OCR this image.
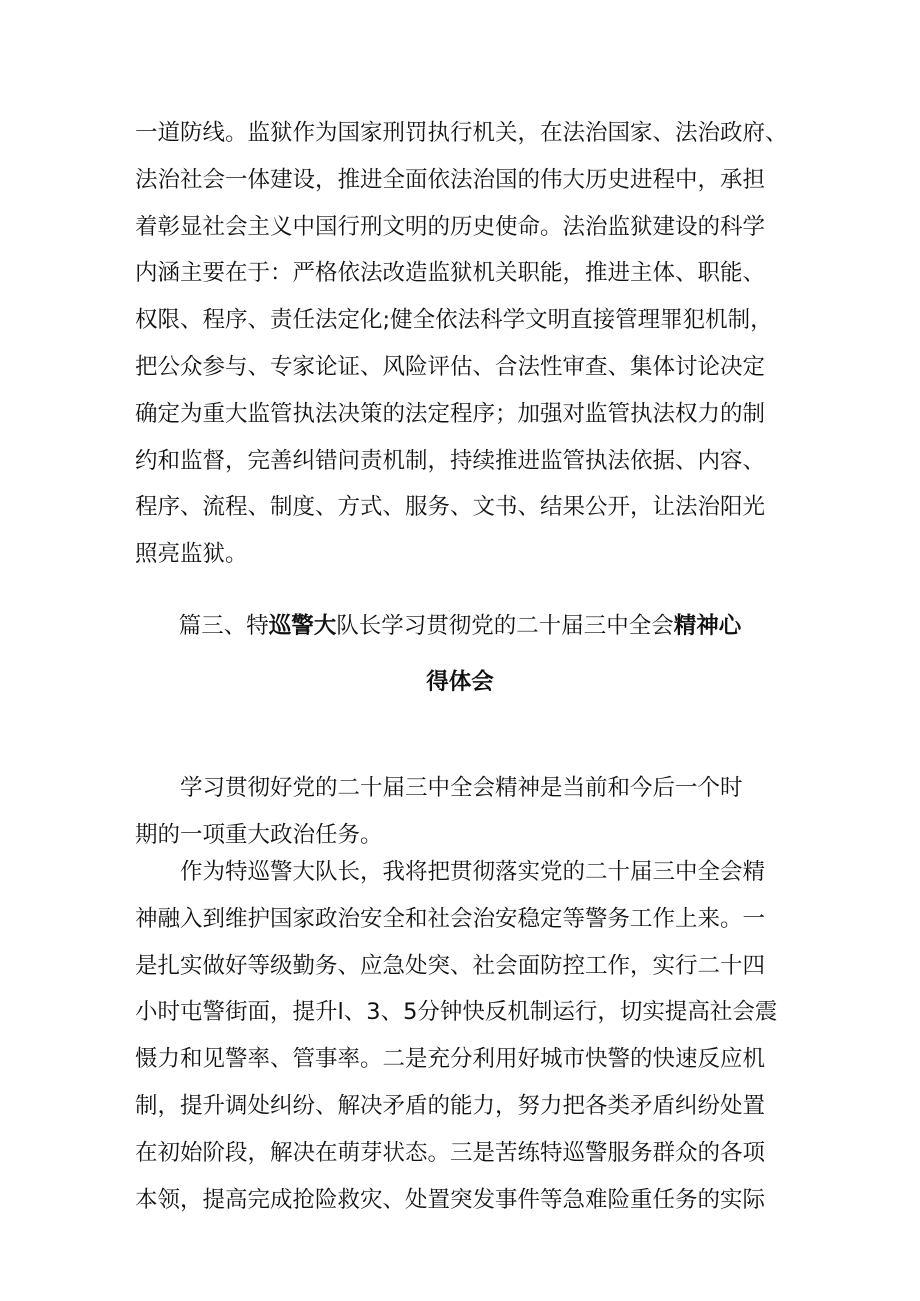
一道防线。监狱作为国家刑罚执行机关，在法治国家、法治政府、
法治社会一体建设，推进全面依法治国的伟大历史进程中，承担
着彰显社会主义中国行刑文明的历史使命。法治监狱建设的科学
内涵主要在于：严格依法改造监狱机关职能，推进主体、职能、
权限、程序、责任法定化;健全依法科学文明直接管理罪犯机制，
把公众参与、专家论证、风险评估、合法性审查、集体讨论决定
确定为重大监管执法决策的法定程序；加强对监管执法权力的制
约和监督，完善纠错问责机制，持续推进监管执法依据、内容、
程序、流程、制度、方式、服务、文书、结果公开，让法治阳光
照亮监狱。
篇三、特巡警大队长学习贯彻党的二十届三中全会精神心
得体会
学习贯彻好党的二十届三中全会精神是当前和今后一个时
期的一项重大政治任务。
作为特巡警大队长，我将把贯彻落实党的二十届三中全会精
神融入到维护国家政治安全和社会治安稳定等警务工作上来。一
是扎实做好等级勤务、应急处突、社会面防控工作，实行二十四
小时屯警街面，提升l、3、5分钟快反机制运行，切实提高社会震
慑力和见警率、管事率。二是充分利用好城市快警的快速反应机
制，提升调处纠纷、解决矛盾的能力，努力把各类矛盾纠纷处置
在初始阶段，解决在萌芽状态。三是苦练特巡警服务群众的各项
本领，提高完成抢险救灾、处置突发事件等急难险重任务的实际
